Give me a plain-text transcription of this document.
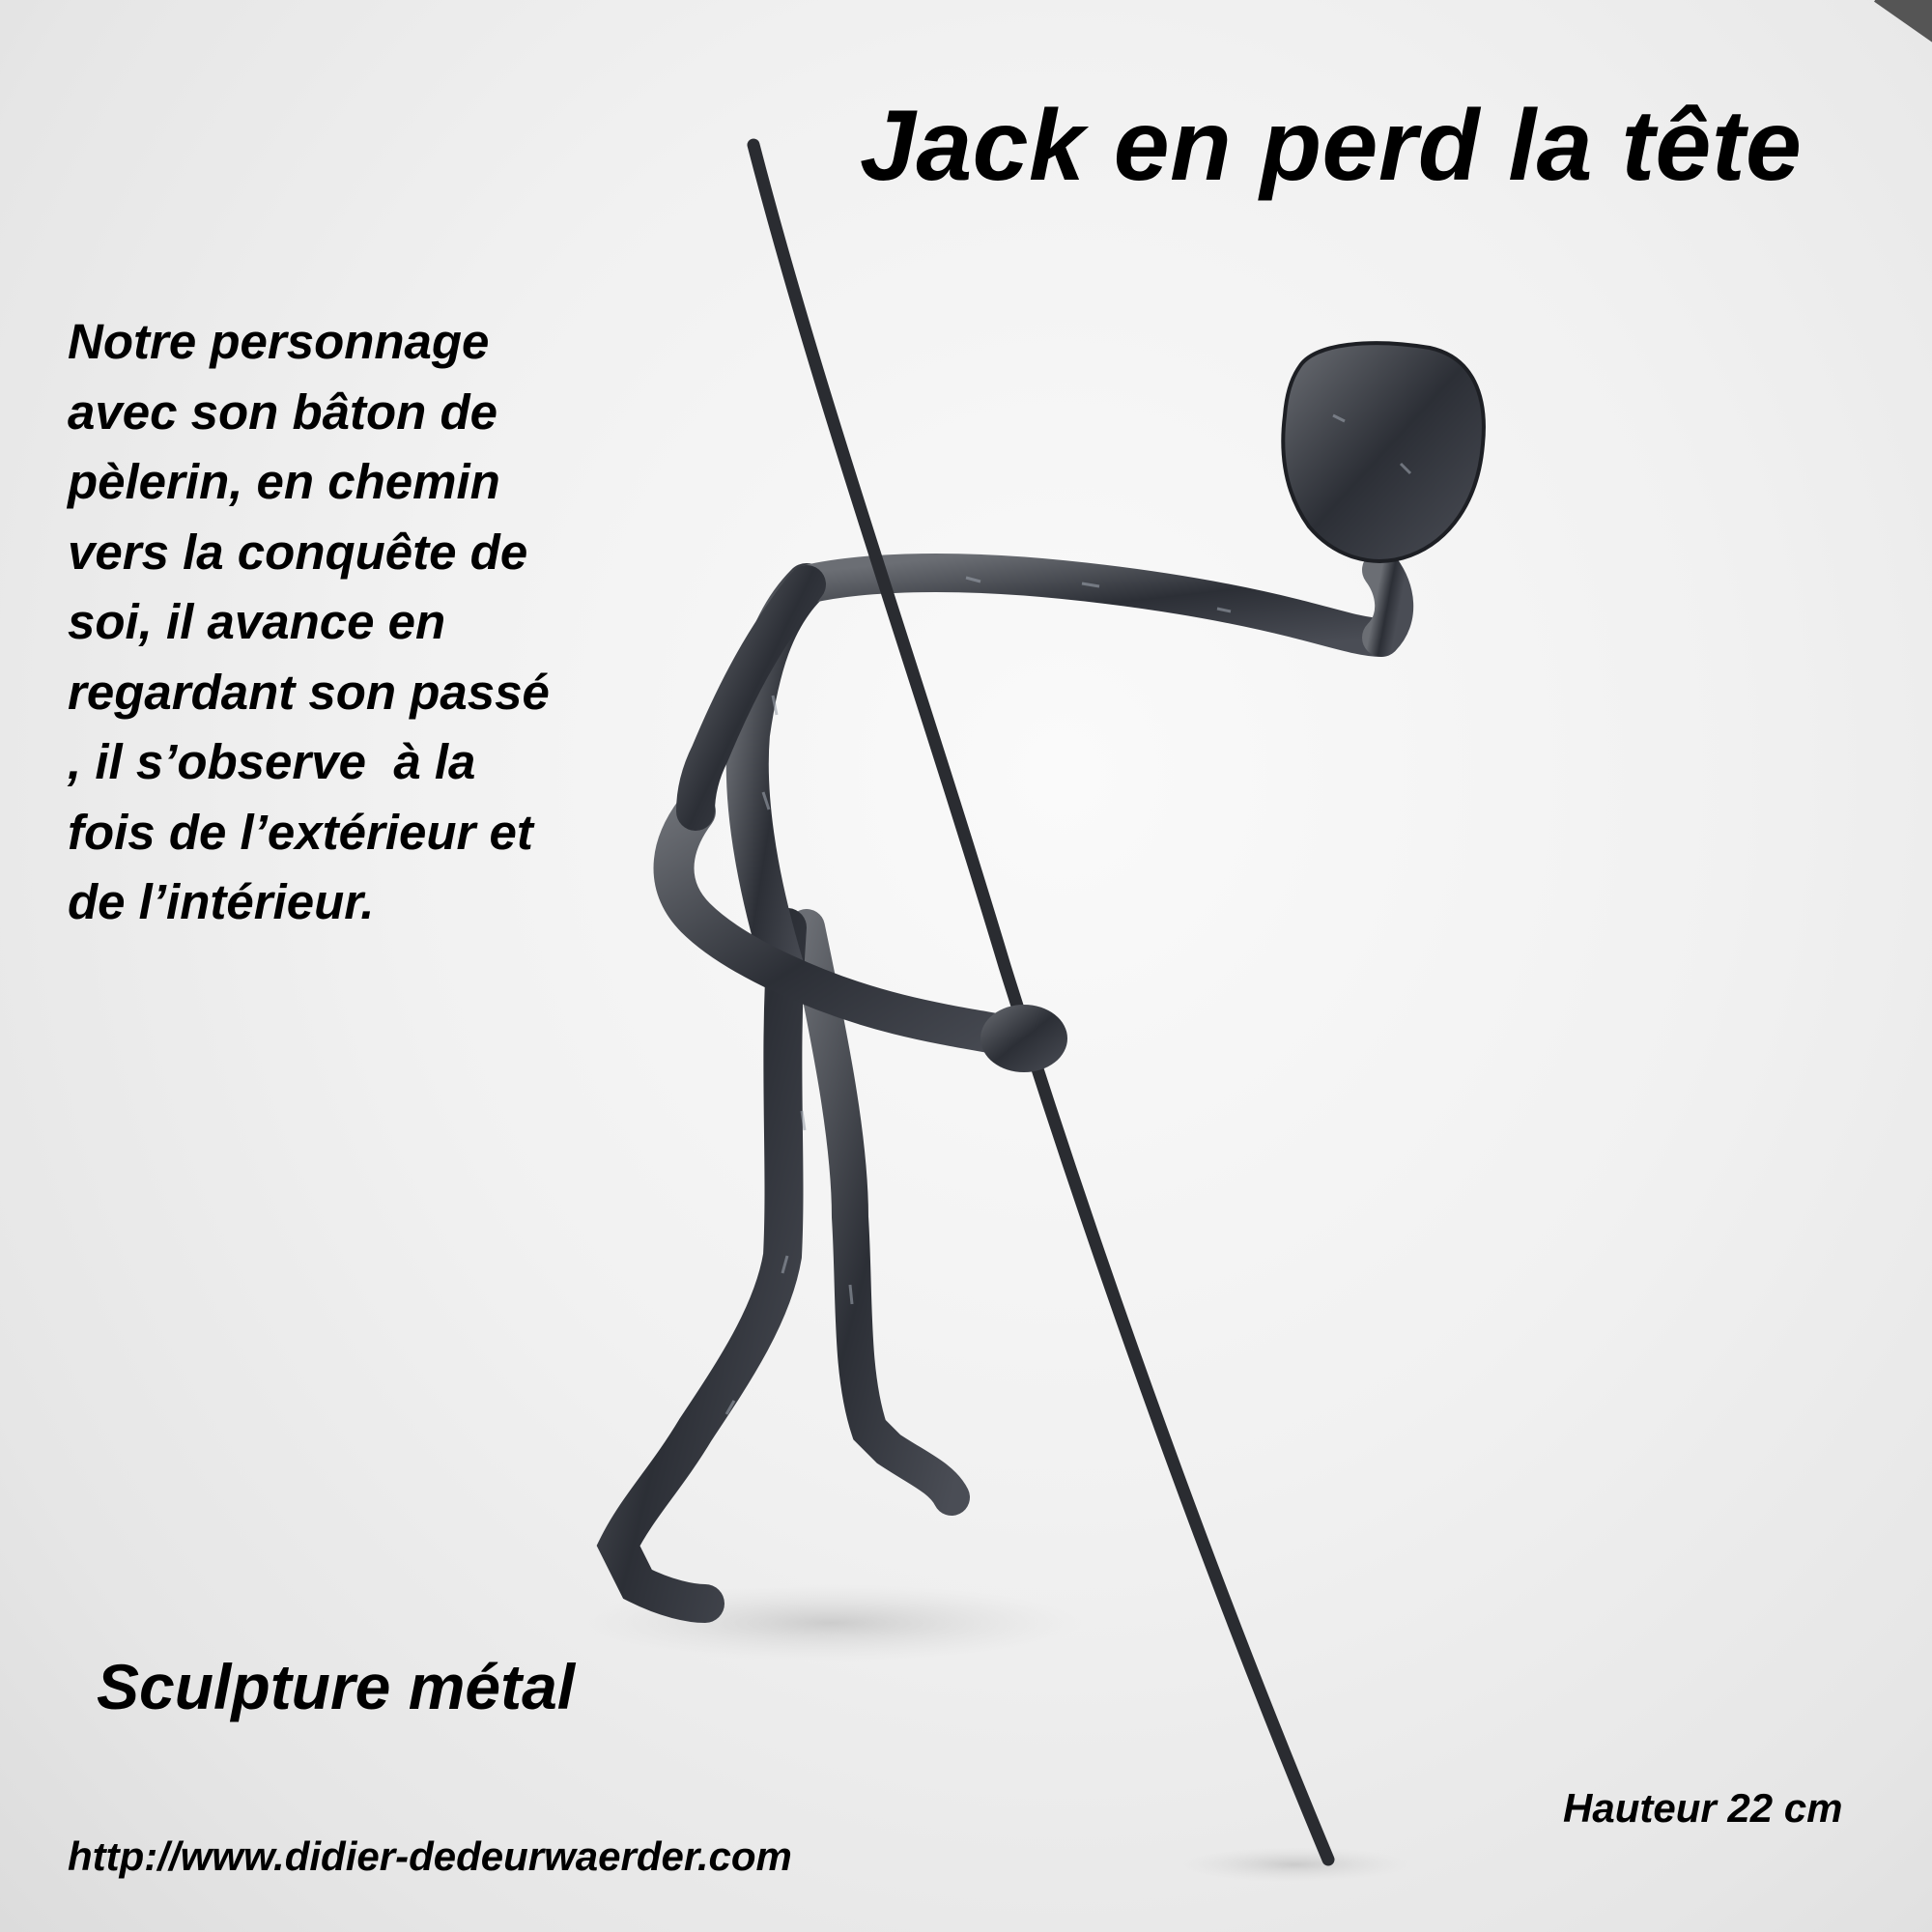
Jack en perd la tête
Notre personnage
avec son bâton de
pèlerin, en chemin
vers la conquête de
soi, il avance en
regardant son passé
, il s’observe  à la
fois de l’extérieur et
de l’intérieur.
Sculpture métal
Hauteur 22 cm
http://www.didier-dedeurwaerder.com
